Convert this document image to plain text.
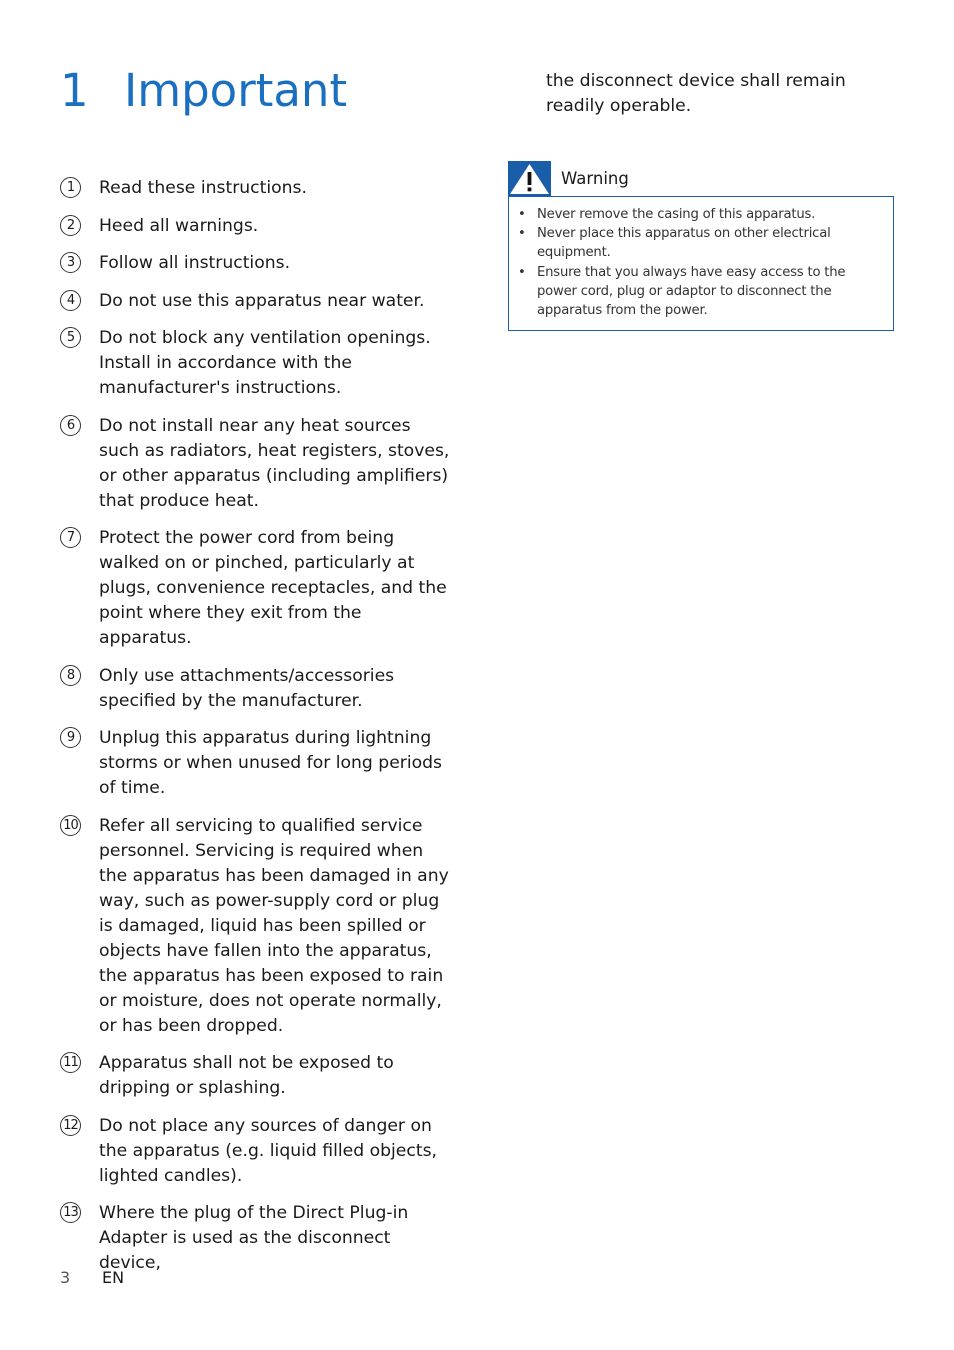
1 Important
1	Read these instructions.
2	Heed all warnings.
3	Follow all instructions.
4	Do not use this apparatus near water.
5	Do not block any ventilation openings. Install in accordance with the manufacturer's instructions.
6	Do not install near any heat sources such as radiators, heat registers, stoves, or other apparatus (including amplifiers) that produce heat.
7	Protect the power cord from being walked on or pinched, particularly at plugs, convenience receptacles, and the point where they exit from the apparatus.
8	Only use attachments/accessories specified by the manufacturer.
9	Unplug this apparatus during lightning storms or when unused for long periods of time.
10 Refer all servicing to qualified service personnel. Servicing is required when the apparatus has been damaged in any way, such as power-supply cord or plug is damaged, liquid has been spilled or objects have fallen into the apparatus, the apparatus has been exposed to rain or moisture, does not operate normally, or has been dropped.
11 Apparatus shall not be exposed to dripping or splashing.
12 Do not place any sources of danger on the apparatus (e.g. liquid filled objects, lighted candles).
13 Where the plug of the Direct Plug-in Adapter is used as the disconnect device,

the disconnect device shall remain readily operable.

Warning
• Never remove the casing of this apparatus.
• Never place this apparatus on other electrical equipment.
• Ensure that you always have easy access to the power cord, plug or adaptor to disconnect the apparatus from the power.
3 EN
